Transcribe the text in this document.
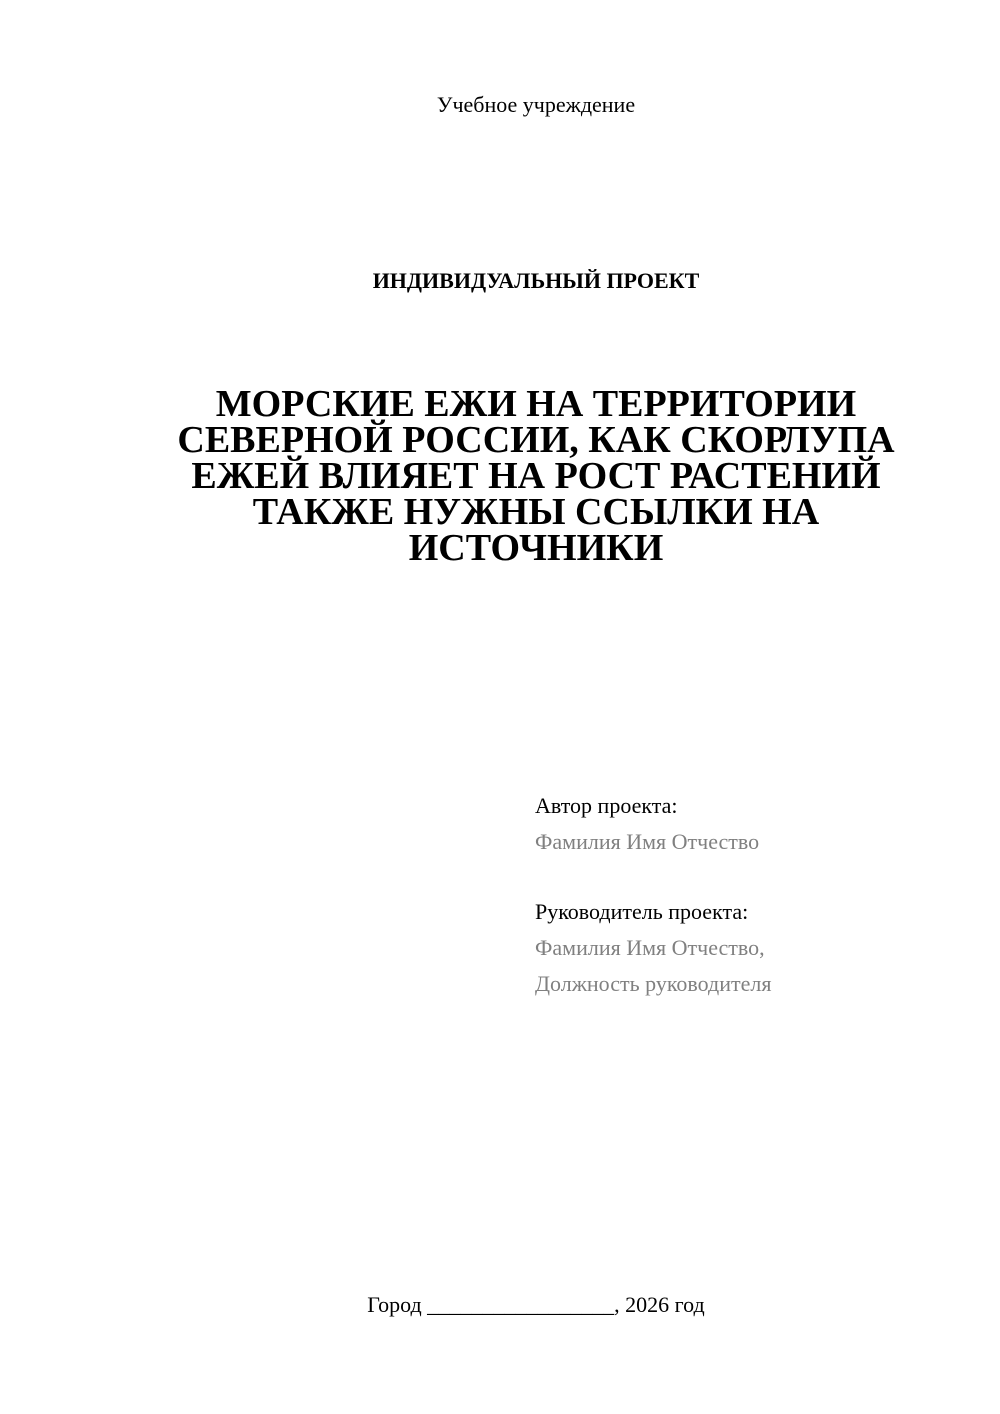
Учебное учреждение
ИНДИВИДУАЛЬНЫЙ ПРОЕКТ
МОРСКИЕ ЕЖИ НА ТЕРРИТОРИИ
СЕВЕРНОЙ РОССИИ, КАК СКОРЛУПА
ЕЖЕЙ ВЛИЯЕТ НА РОСТ РАСТЕНИЙ
ТАКЖЕ НУЖНЫ ССЫЛКИ НА
ИСТОЧНИКИ
Автор проекта:
Фамилия Имя Отчество
Руководитель проекта:
Фамилия Имя Отчество,
Должность руководителя
Город _________________, 2026 год
